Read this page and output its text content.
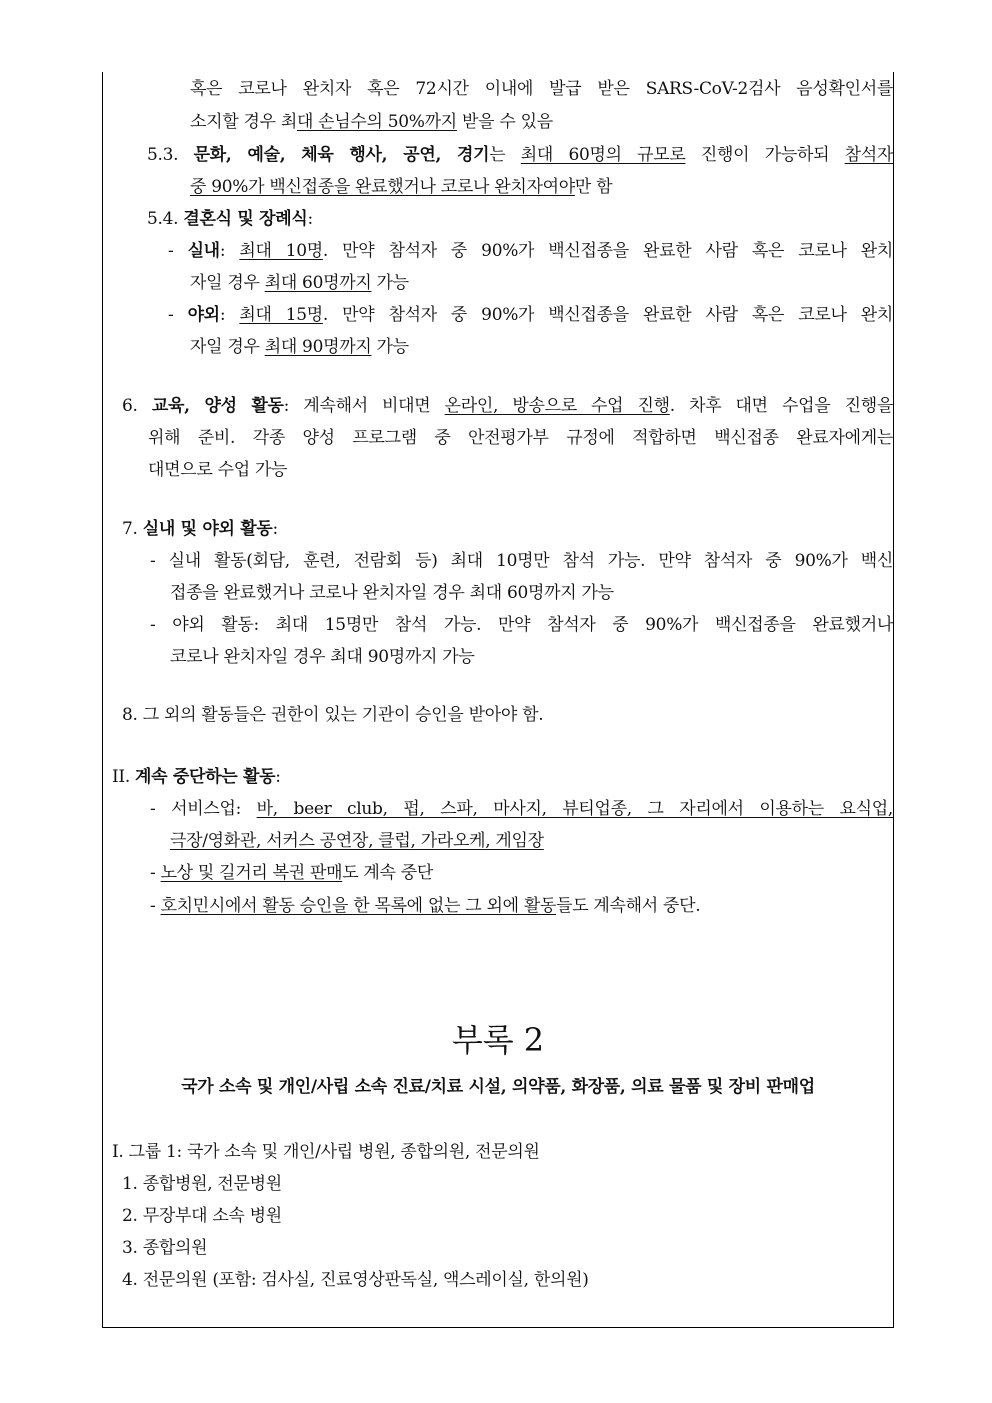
혹은 코로나 완치자 혹은 72시간 이내에 발급 받은 SARS-CoV-2검사 음성확인서를
소지할 경우 최대 손님수의 50%까지 받을 수 있음
5.3. 문화, 예술, 체육 행사, 공연, 경기는 최대 60명의 규모로 진행이 가능하되 참석자
중 90%가 백신접종을 완료했거나 코로나 완치자여야만 함
5.4. 결혼식 및 장례식:
- 실내: 최대 10명. 만약 참석자 중 90%가 백신접종을 완료한 사람 혹은 코로나 완치
자일 경우 최대 60명까지 가능
- 야외: 최대 15명. 만약 참석자 중 90%가 백신접종을 완료한 사람 혹은 코로나 완치
자일 경우 최대 90명까지 가능
6. 교육, 양성 활동: 계속해서 비대면 온라인, 방송으로 수업 진행. 차후 대면 수업을 진행을
위해 준비. 각종 양성 프로그램 중 안전평가부 규정에 적합하면 백신접종 완료자에게는
대면으로 수업 가능
7. 실내 및 야외 활동:
- 실내 활동(회담, 훈련, 전람회 등) 최대 10명만 참석 가능. 만약 참석자 중 90%가 백신
접종을 완료했거나 코로나 완치자일 경우 최대 60명까지 가능
- 야외 활동: 최대 15명만 참석 가능. 만약 참석자 중 90%가 백신접종을 완료했거나
코로나 완치자일 경우 최대 90명까지 가능
8. 그 외의 활동들은 권한이 있는 기관이 승인을 받아야 함.
II. 계속 중단하는 활동:
- 서비스업: 바, beer club, 펍, 스파, 마사지, 뷰티업종, 그 자리에서 이용하는 요식업,
극장/영화관, 서커스 공연장, 클럽, 가라오케, 게임장
- 노상 및 길거리 복권 판매도 계속 중단
- 호치민시에서 활동 승인을 한 목록에 없는 그 외에 활동들도 계속해서 중단.
I. 그룹 1: 국가 소속 및 개인/사립 병원, 종합의원, 전문의원
1. 종합병원, 전문병원
2. 무장부대 소속 병원
3. 종합의원
4. 전문의원 (포함: 검사실, 진료영상판독실, 액스레이실, 한의원)
부록 2
국가 소속 및 개인/사립 소속 진료/치료 시설, 의약품, 화장품, 의료 물품 및 장비 판매업
